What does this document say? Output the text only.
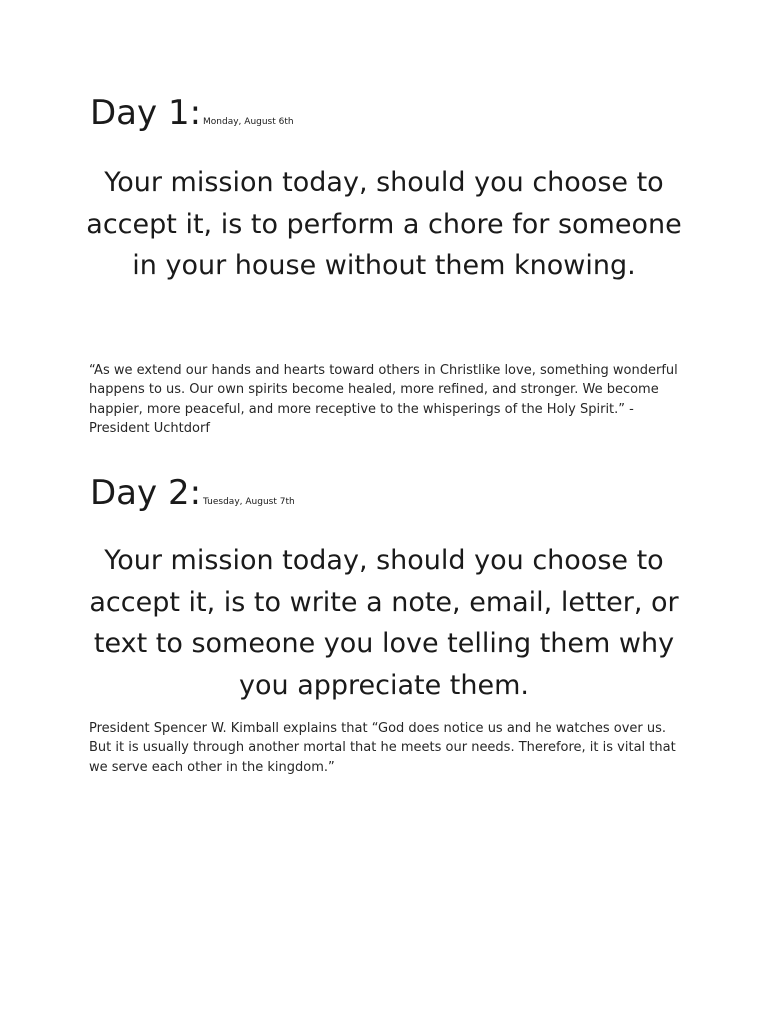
Day 1: Monday, August 6th
Your mission today, should you choose to accept it, is to perform a chore for someone in your house without them knowing.
“As we extend our hands and hearts toward others in Christlike love, something wonderful happens to us. Our own spirits become healed, more refined, and stronger. We become happier, more peaceful, and more receptive to the whisperings of the Holy Spirit.” - President Uchtdorf
Day 2: Tuesday, August 7th
Your mission today, should you choose to accept it, is to write a note, email, letter, or text to someone you love telling them why you appreciate them.
President Spencer W. Kimball explains that “God does notice us and he watches over us. But it is usually through another mortal that he meets our needs. Therefore, it is vital that we serve each other in the kingdom.”
